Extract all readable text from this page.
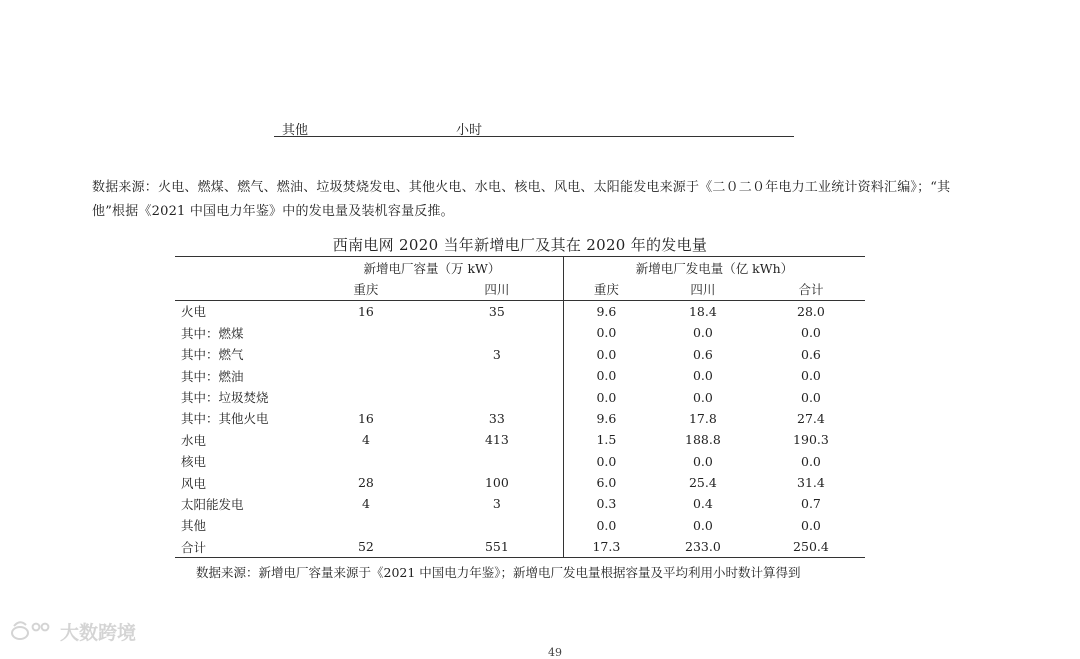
其他	小时
数据来源：火电、燃煤、燃气、燃油、垃圾焚烧发电、其他火电、水电、核电、风电、太阳能发电来源于《二０二０年电力工业统计资料汇编》；“其
他”根据《2021 中国电力年鉴》中的发电量及装机容量反推。
西南电网 2020 当年新增电厂及其在 2020 年的发电量
	新增电厂容量（万 kW）		新增电厂发电量（亿 kWh）		
	重庆	四川	重庆	四川	合计
火电	16	35	9.6	18.4	28.0
其中：燃煤			0.0	0.0	0.0
其中：燃气		3	0.0	0.6	0.6
其中：燃油			0.0	0.0	0.0
其中：垃圾焚烧			0.0	0.0	0.0
其中：其他火电	16	33	9.6	17.8	27.4
水电	4	413	1.5	188.8	190.3
核电			0.0	0.0	0.0
风电	28	100	6.0	25.4	31.4
太阳能发电	4	3	0.3	0.4	0.7
其他			0.0	0.0	0.0
合计	52	551	17.3	233.0	250.4
数据来源：新增电厂容量来源于《2021 中国电力年鉴》；新增电厂发电量根据容量及平均利用小时数计算得到
大数跨境
49
